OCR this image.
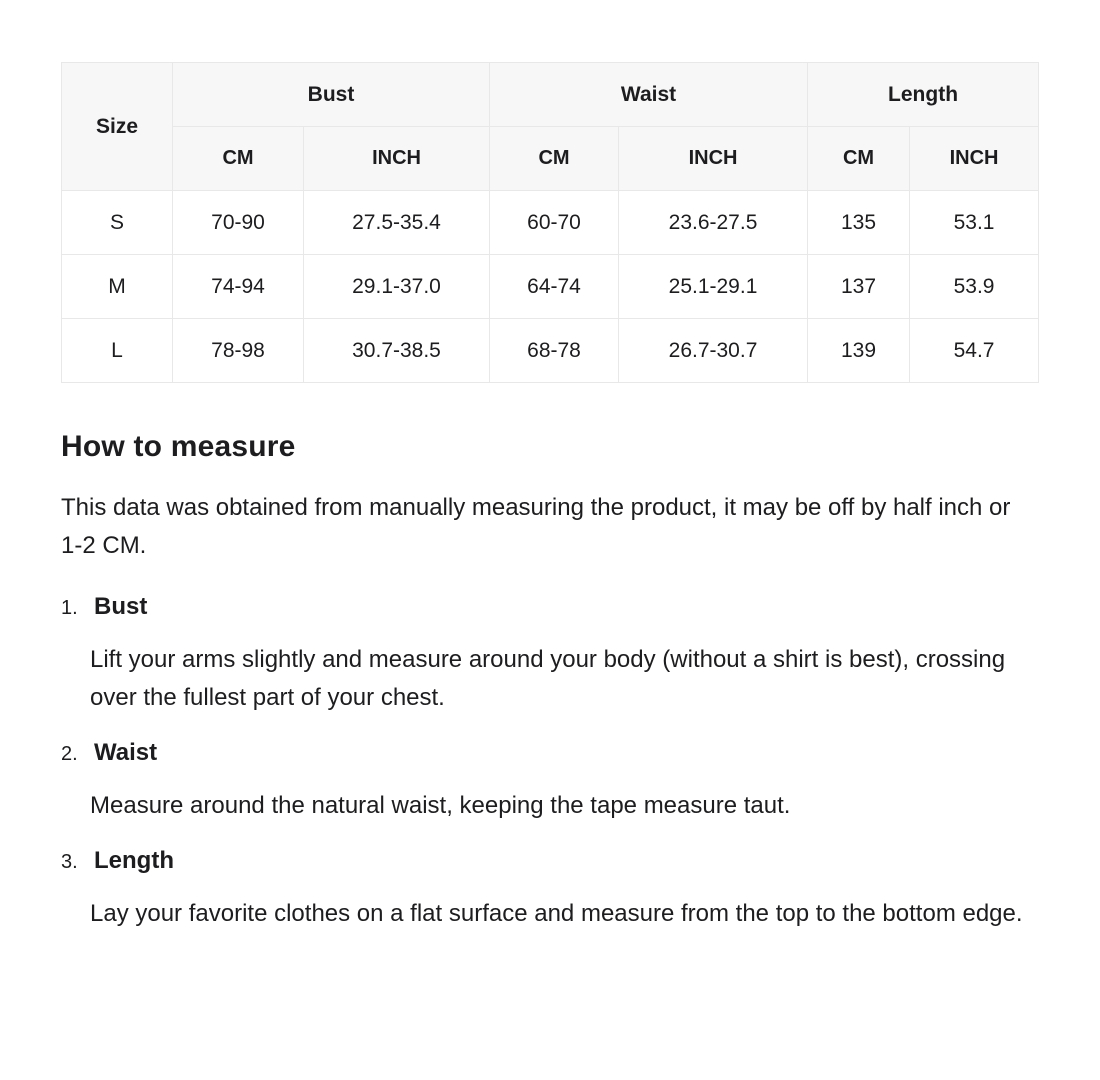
Size	Bust		Waist		Length	
	CM	INCH	CM	INCH	CM	INCH
S	70-90	27.5-35.4	60-70	23.6-27.5	135	53.1
M	74-94	29.1-37.0	64-74	25.1-29.1	137	53.9
L	78-98	30.7-38.5	68-78	26.7-30.7	139	54.7
How to measure

This data was obtained from manually measuring the product, it may be off by half inch or 1-2 CM.

1. Bust

Lift your arms slightly and measure around your body (without a shirt is best), crossing over the fullest part of your chest.

2. Waist

Measure around the natural waist, keeping the tape measure taut.

3. Length

Lay your favorite clothes on a flat surface and measure from the top to the bottom edge.
